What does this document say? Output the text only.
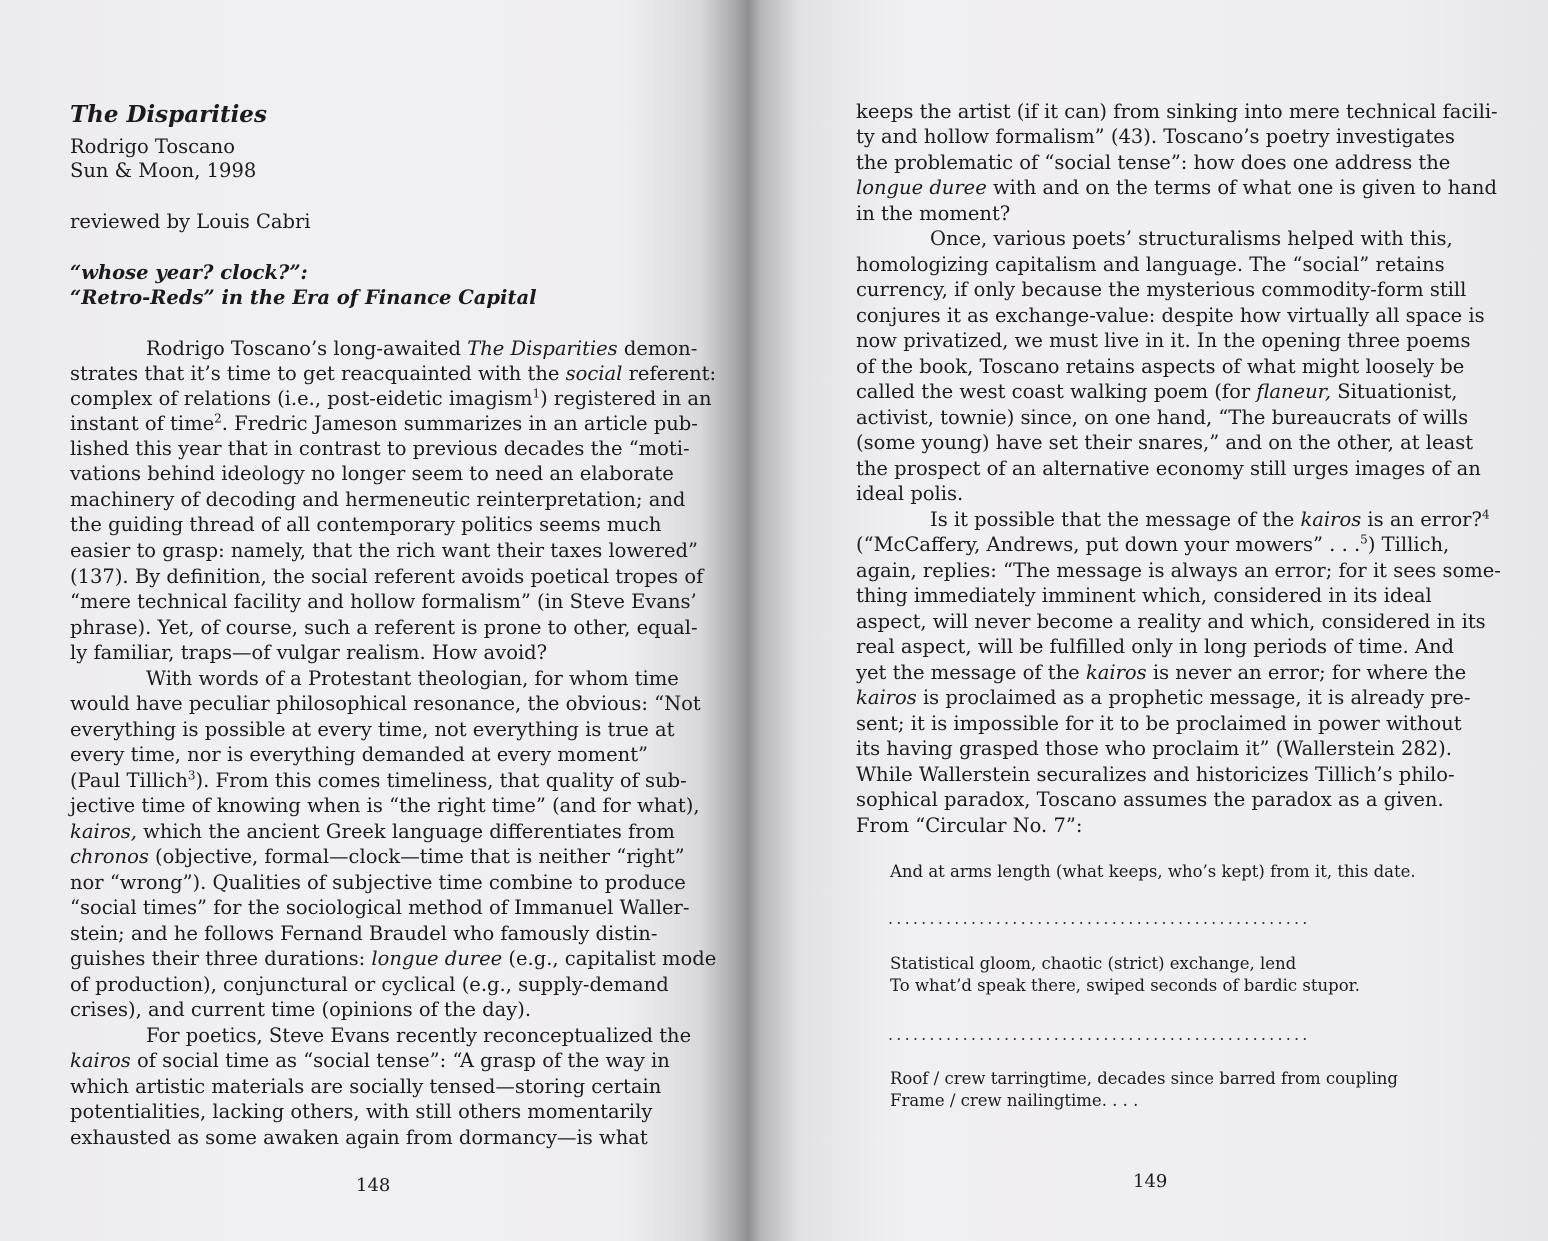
The Disparities
Rodrigo Toscano
Sun & Moon, 1998
reviewed by Louis Cabri
“whose year? clock?”:
“Retro-Reds” in the Era of Finance Capital
Rodrigo Toscano’s long-awaited The Disparities demon-
strates that it’s time to get reacquainted with the social referent:
complex of relations (i.e., post-eidetic imagism$^1$) registered in an
instant of time$^2$. Fredric Jameson summarizes in an article pub-
lished this year that in contrast to previous decades the “moti-
vations behind ideology no longer seem to need an elaborate
machinery of decoding and hermeneutic reinterpretation; and
the guiding thread of all contemporary politics seems much
easier to grasp: namely, that the rich want their taxes lowered”
(137). By definition, the social referent avoids poetical tropes of
“mere technical facility and hollow formalism” (in Steve Evans’
phrase). Yet, of course, such a referent is prone to other, equal-
ly familiar, traps—of vulgar realism. How avoid?
With words of a Protestant theologian, for whom time
would have peculiar philosophical resonance, the obvious: “Not
everything is possible at every time, not everything is true at
every time, nor is everything demanded at every moment”
(Paul Tillich$^3$). From this comes timeliness, that quality of sub-
jective time of knowing when is “the right time” (and for what),
kairos, which the ancient Greek language differentiates from
chronos (objective, formal—clock—time that is neither “right”
nor “wrong”). Qualities of subjective time combine to produce
“social times” for the sociological method of Immanuel Waller-
stein; and he follows Fernand Braudel who famously distin-
guishes their three durations: longue duree (e.g., capitalist mode
of production), conjunctural or cyclical (e.g., supply-demand
crises), and current time (opinions of the day).
For poetics, Steve Evans recently reconceptualized the
kairos of social time as “social tense”: “A grasp of the way in
which artistic materials are socially tensed—storing certain
potentialities, lacking others, with still others momentarily
exhausted as some awaken again from dormancy—is what
148
keeps the artist (if it can) from sinking into mere technical facili-
ty and hollow formalism” (43). Toscano’s poetry investigates
the problematic of “social tense”: how does one address the
longue duree with and on the terms of what one is given to hand
in the moment?
Once, various poets’ structuralisms helped with this,
homologizing capitalism and language. The “social” retains
currency, if only because the mysterious commodity-form still
conjures it as exchange-value: despite how virtually all space is
now privatized, we must live in it. In the opening three poems
of the book, Toscano retains aspects of what might loosely be
called the west coast walking poem (for flaneur, Situationist,
activist, townie) since, on one hand, “The bureaucrats of wills
(some young) have set their snares,” and on the other, at least
the prospect of an alternative economy still urges images of an
ideal polis.
Is it possible that the message of the kairos is an error?$^4$
(“McCaffery, Andrews, put down your mowers” . . .$^5$) Tillich,
again, replies: “The message is always an error; for it sees some-
thing immediately imminent which, considered in its ideal
aspect, will never become a reality and which, considered in its
real aspect, will be fulfilled only in long periods of time. And
yet the message of the kairos is never an error; for where the
kairos is proclaimed as a prophetic message, it is already pre-
sent; it is impossible for it to be proclaimed in power without
its having grasped those who proclaim it” (Wallerstein 282).
While Wallerstein securalizes and historicizes Tillich’s philo-
sophical paradox, Toscano assumes the paradox as a given.
From “Circular No. 7”:
And at arms length (what keeps, who’s kept) from it, this date.
...................................................
Statistical gloom, chaotic (strict) exchange, lend
To what’d speak there, swiped seconds of bardic stupor.
...................................................
Roof / crew tarringtime, decades since barred from coupling
Frame / crew nailingtime. . . .
149
